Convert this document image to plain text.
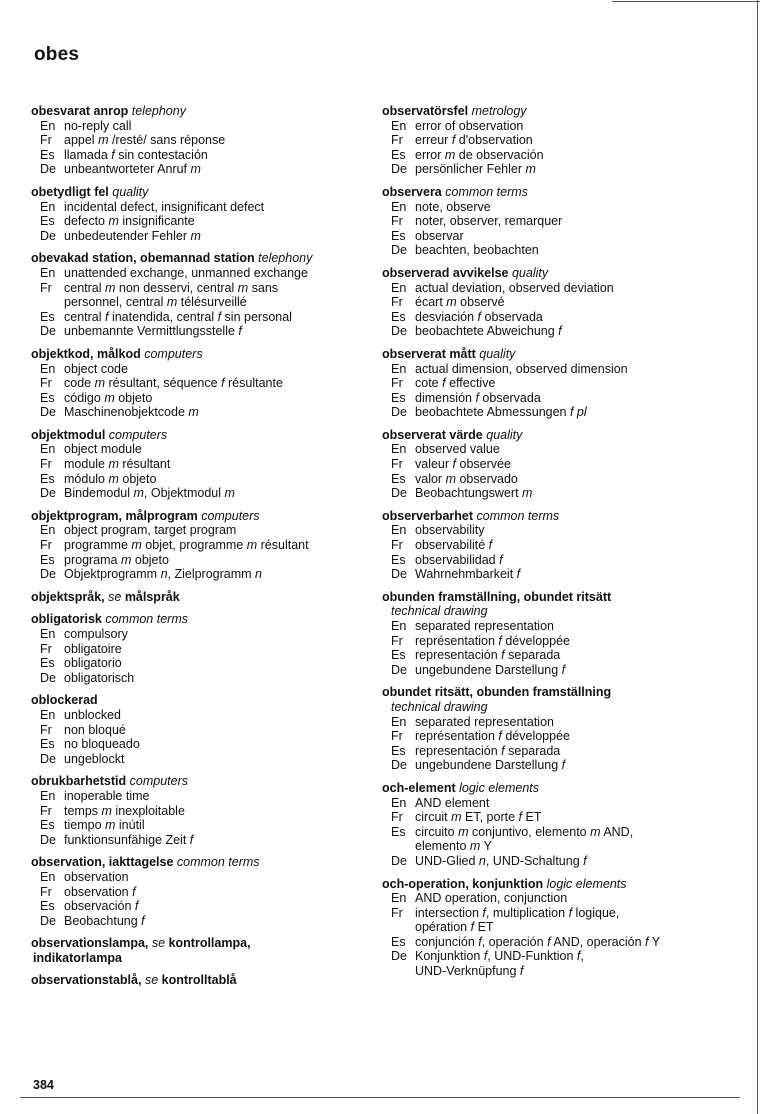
obes
obesvarat anrop telephony
En no-reply call
Fr appel m /resté/ sans réponse
Es llamada f sin contestación
De unbeantworteter Anruf m
obetydligt fel quality
En incidental defect, insignificant defect
Es defecto m insignificante
De unbedeutender Fehler m
obevakad station, obemannad station telephony
En unattended exchange, unmanned exchange
Fr central m non desservi, central m sans
personnel, central m télésurveillé
Es central f inatendida, central f sin personal
De unbemannte Vermittlungsstelle f
objektkod, målkod computers
En object code
Fr code m résultant, séquence f résultante
Es código m objeto
De Maschinenobjektcode m
objektmodul computers
En object module
Fr module m résultant
Es módulo m objeto
De Bindemodul m, Objektmodul m
objektprogram, målprogram computers
En object program, target program
Fr programme m objet, programme m résultant
Es programa m objeto
De Objektprogramm n, Zielprogramm n
objektspråk, se målspråk
obligatorisk common terms
En compulsory
Fr obligatoire
Es obligatorio
De obligatorisch
oblockerad
En unblocked
Fr non bloqué
Es no bloqueado
De ungeblockt
obrukbarhetstid computers
En inoperable time
Fr temps m inexploitable
Es tiempo m inútil
De funktionsunfähige Zeit f
observation, iakttagelse common terms
En observation
Fr observation f
Es observación f
De Beobachtung f
observationslampa, se kontrollampa,
indikatorlampa
observationstablå, se kontrolltablå
observatörsfel metrology
En error of observation
Fr erreur f d'observation
Es error m de observación
De persönlicher Fehler m
observera common terms
En note, observe
Fr noter, observer, remarquer
Es observar
De beachten, beobachten
observerad avvikelse quality
En actual deviation, observed deviation
Fr écart m observé
Es desviación f observada
De beobachtete Abweichung f
observerat mått quality
En actual dimension, observed dimension
Fr cote f effective
Es dimensión f observada
De beobachtete Abmessungen f pl
observerat värde quality
En observed value
Fr valeur f observée
Es valor m observado
De Beobachtungswert m
observerbarhet common terms
En observability
Fr observabilité f
Es observabilidad f
De Wahrnehmbarkeit f
obunden framställning, obundet ritsätt
technical drawing
En separated representation
Fr représentation f développée
Es representación f separada
De ungebundene Darstellung f
obundet ritsätt, obunden framställning
technical drawing
En separated representation
Fr représentation f développée
Es representación f separada
De ungebundene Darstellung f
och-element logic elements
En AND element
Fr circuit m ET, porte f ET
Es circuito m conjuntivo, elemento m AND,
elemento m Y
De UND-Glied n, UND-Schaltung f
och-operation, konjunktion logic elements
En AND operation, conjunction
Fr intersection f, multiplication f logique,
opération f ET
Es conjunción f, operación f AND, operación f Y
De Konjunktion f, UND-Funktion f,
UND-Verknüpfung f
384
